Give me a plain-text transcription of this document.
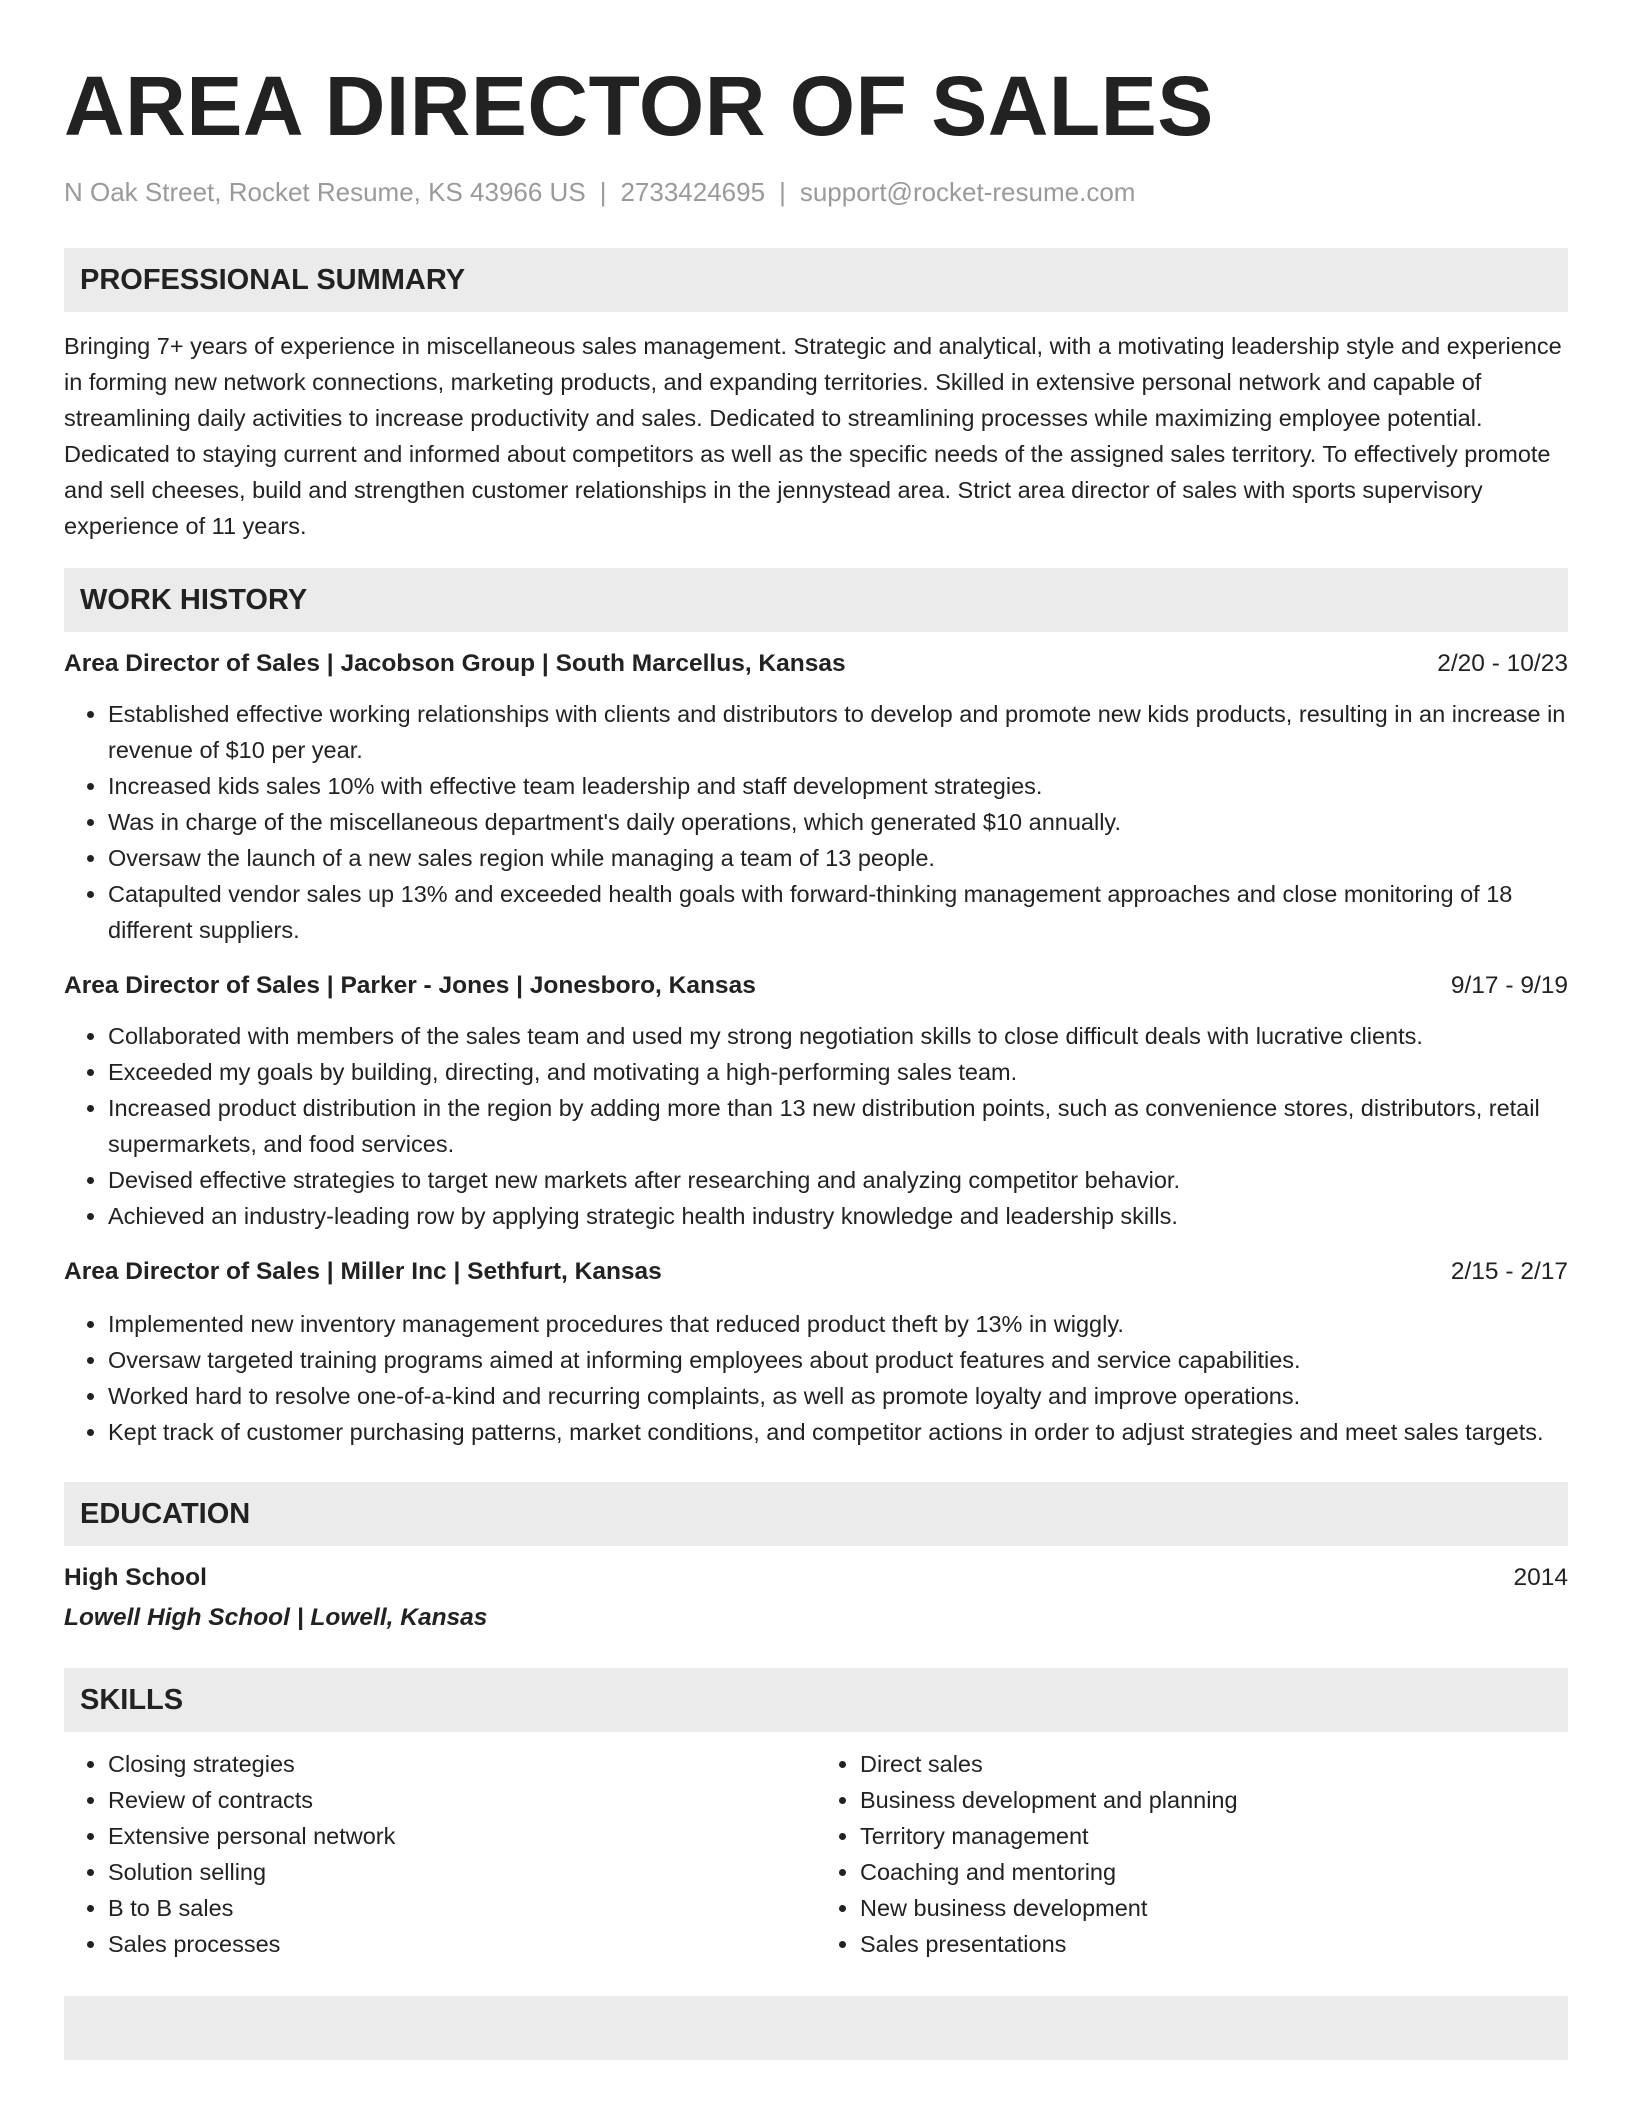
AREA DIRECTOR OF SALES
N Oak Street, Rocket Resume, KS 43966 US | 2733424695 | support@rocket-resume.com
PROFESSIONAL SUMMARY
Bringing 7+ years of experience in miscellaneous sales management. Strategic and analytical, with a motivating leadership style and experience in forming new network connections, marketing products, and expanding territories. Skilled in extensive personal network and capable of streamlining daily activities to increase productivity and sales. Dedicated to streamlining processes while maximizing employee potential. Dedicated to staying current and informed about competitors as well as the specific needs of the assigned sales territory. To effectively promote and sell cheeses, build and strengthen customer relationships in the jennystead area. Strict area director of sales with sports supervisory experience of 11 years.
WORK HISTORY
Area Director of Sales | Jacobson Group | South Marcellus, Kansas	2/20 - 10/23
• Established effective working relationships with clients and distributors to develop and promote new kids products, resulting in an increase in revenue of $10 per year.
• Increased kids sales 10% with effective team leadership and staff development strategies.
• Was in charge of the miscellaneous department's daily operations, which generated $10 annually.
• Oversaw the launch of a new sales region while managing a team of 13 people.
• Catapulted vendor sales up 13% and exceeded health goals with forward-thinking management approaches and close monitoring of 18 different suppliers.
Area Director of Sales | Parker - Jones | Jonesboro, Kansas	9/17 - 9/19
• Collaborated with members of the sales team and used my strong negotiation skills to close difficult deals with lucrative clients.
• Exceeded my goals by building, directing, and motivating a high-performing sales team.
• Increased product distribution in the region by adding more than 13 new distribution points, such as convenience stores, distributors, retail supermarkets, and food services.
• Devised effective strategies to target new markets after researching and analyzing competitor behavior.
• Achieved an industry-leading row by applying strategic health industry knowledge and leadership skills.
Area Director of Sales | Miller Inc | Sethfurt, Kansas	2/15 - 2/17
• Implemented new inventory management procedures that reduced product theft by 13% in wiggly.
• Oversaw targeted training programs aimed at informing employees about product features and service capabilities.
• Worked hard to resolve one-of-a-kind and recurring complaints, as well as promote loyalty and improve operations.
• Kept track of customer purchasing patterns, market conditions, and competitor actions in order to adjust strategies and meet sales targets.
EDUCATION
High School	2014
Lowell High School | Lowell, Kansas
SKILLS
• Closing strategies
• Review of contracts
• Extensive personal network
• Solution selling
• B to B sales
• Sales processes
• Direct sales
• Business development and planning
• Territory management
• Coaching and mentoring
• New business development
• Sales presentations
